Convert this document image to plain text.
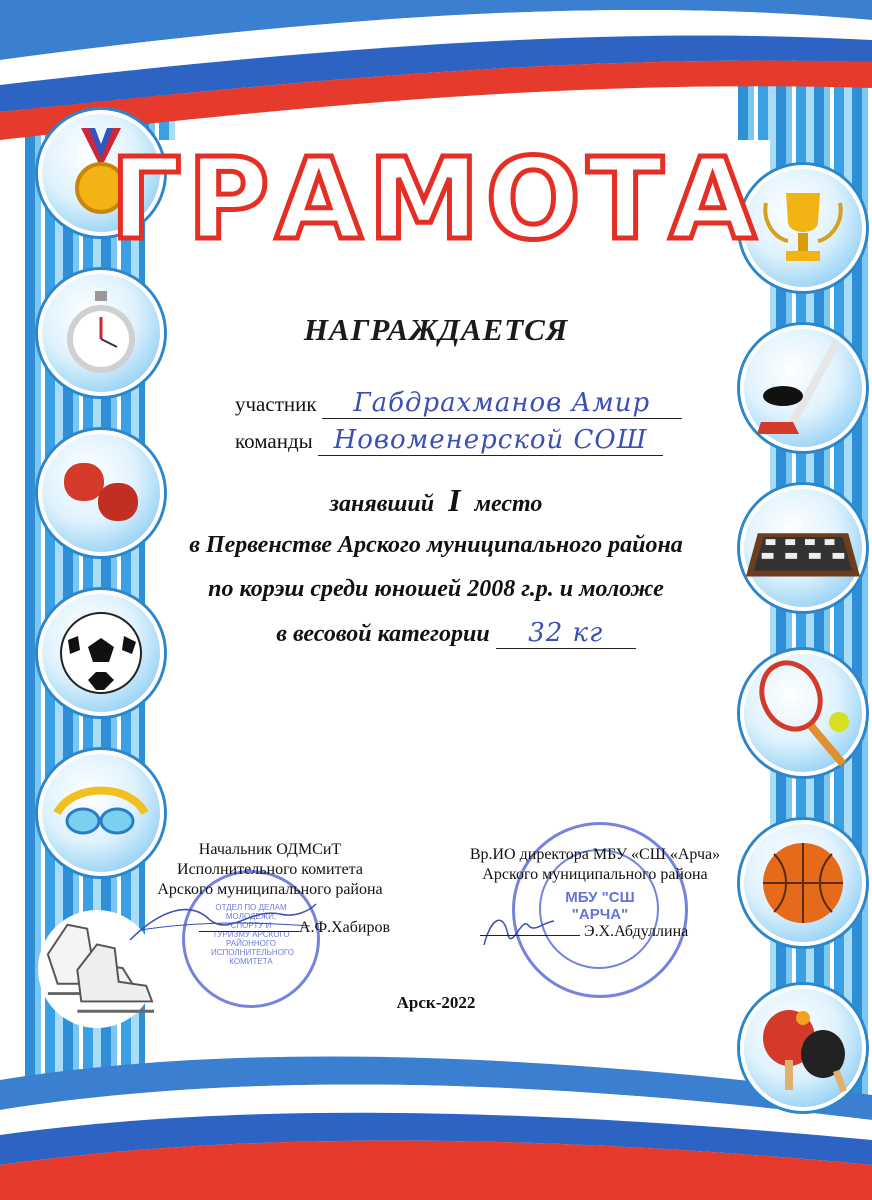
ГРАМОТА
НАГРАЖДАЕТСЯ
участник Габдрахманов Амир
команды Новоменерской СОШ
занявший I место
в Первенстве Арского муниципального района
по корэш среди юношей 2008 г.р. и моложе
в весовой категории 32 кг
ОТДЕЛ ПО ДЕЛАМ МОЛОДЕЖИ, СПОРТУ И ТУРИЗМУ АРСКОГО РАЙОННОГО ИСПОЛНИТЕЛЬНОГО КОМИТЕТА
МБУ "СШ "АРЧА"
Начальник ОДМСиТ
Исполнительного комитета
Арского муниципального района
А.Ф.Хабиров
Вр.ИО директора МБУ «СШ «Арча»
Арского муниципального района
Э.Х.Абдуллина
Арск-2022
